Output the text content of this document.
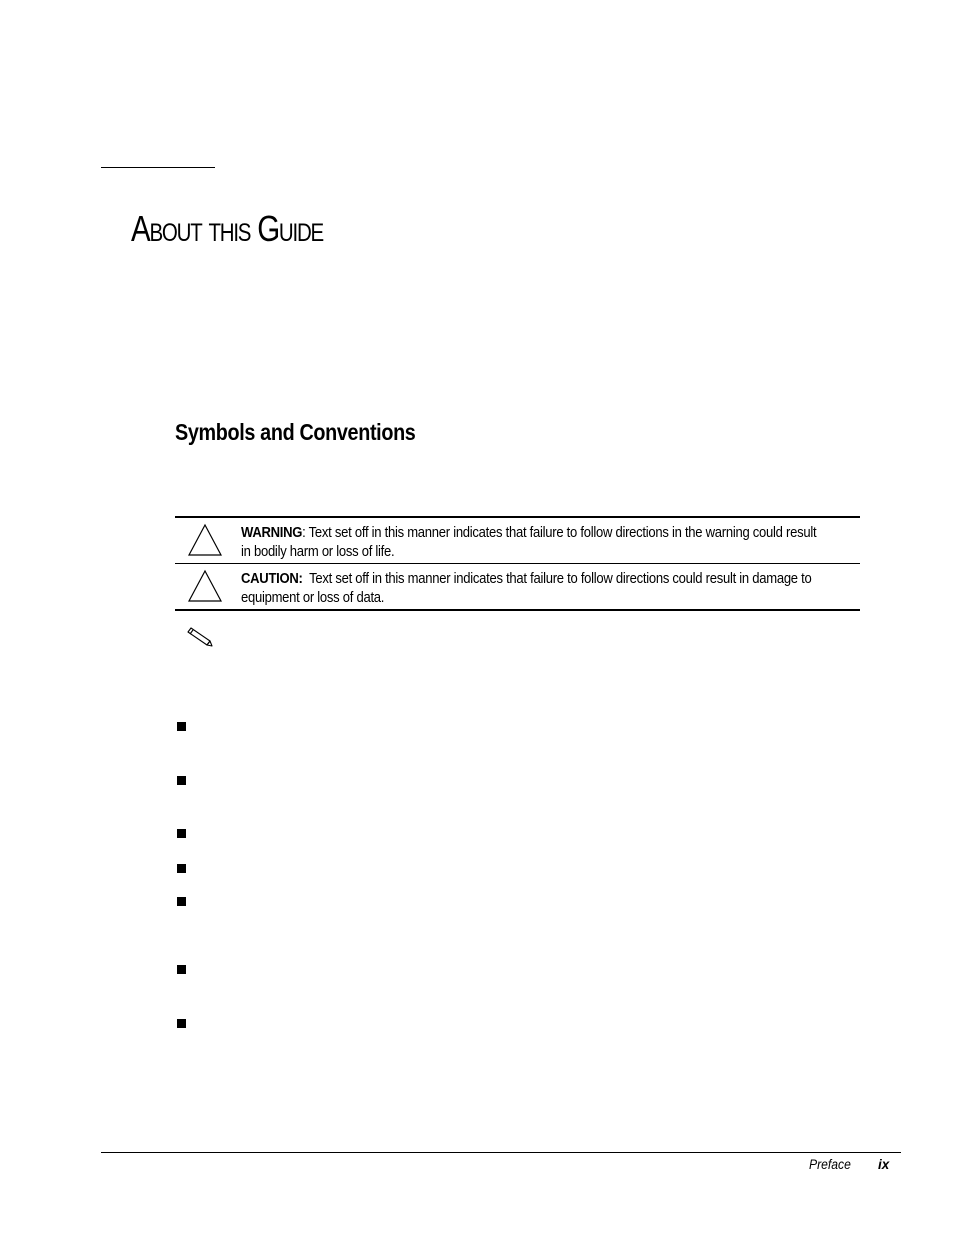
About this Guide
Symbols and Conventions
WARNING: Text set off in this manner indicates that failure to follow directions in the warning could result
in bodily harm or loss of life.
CAUTION: Text set off in this manner indicates that failure to follow directions could result in damage to
equipment or loss of data.
Preface ix
